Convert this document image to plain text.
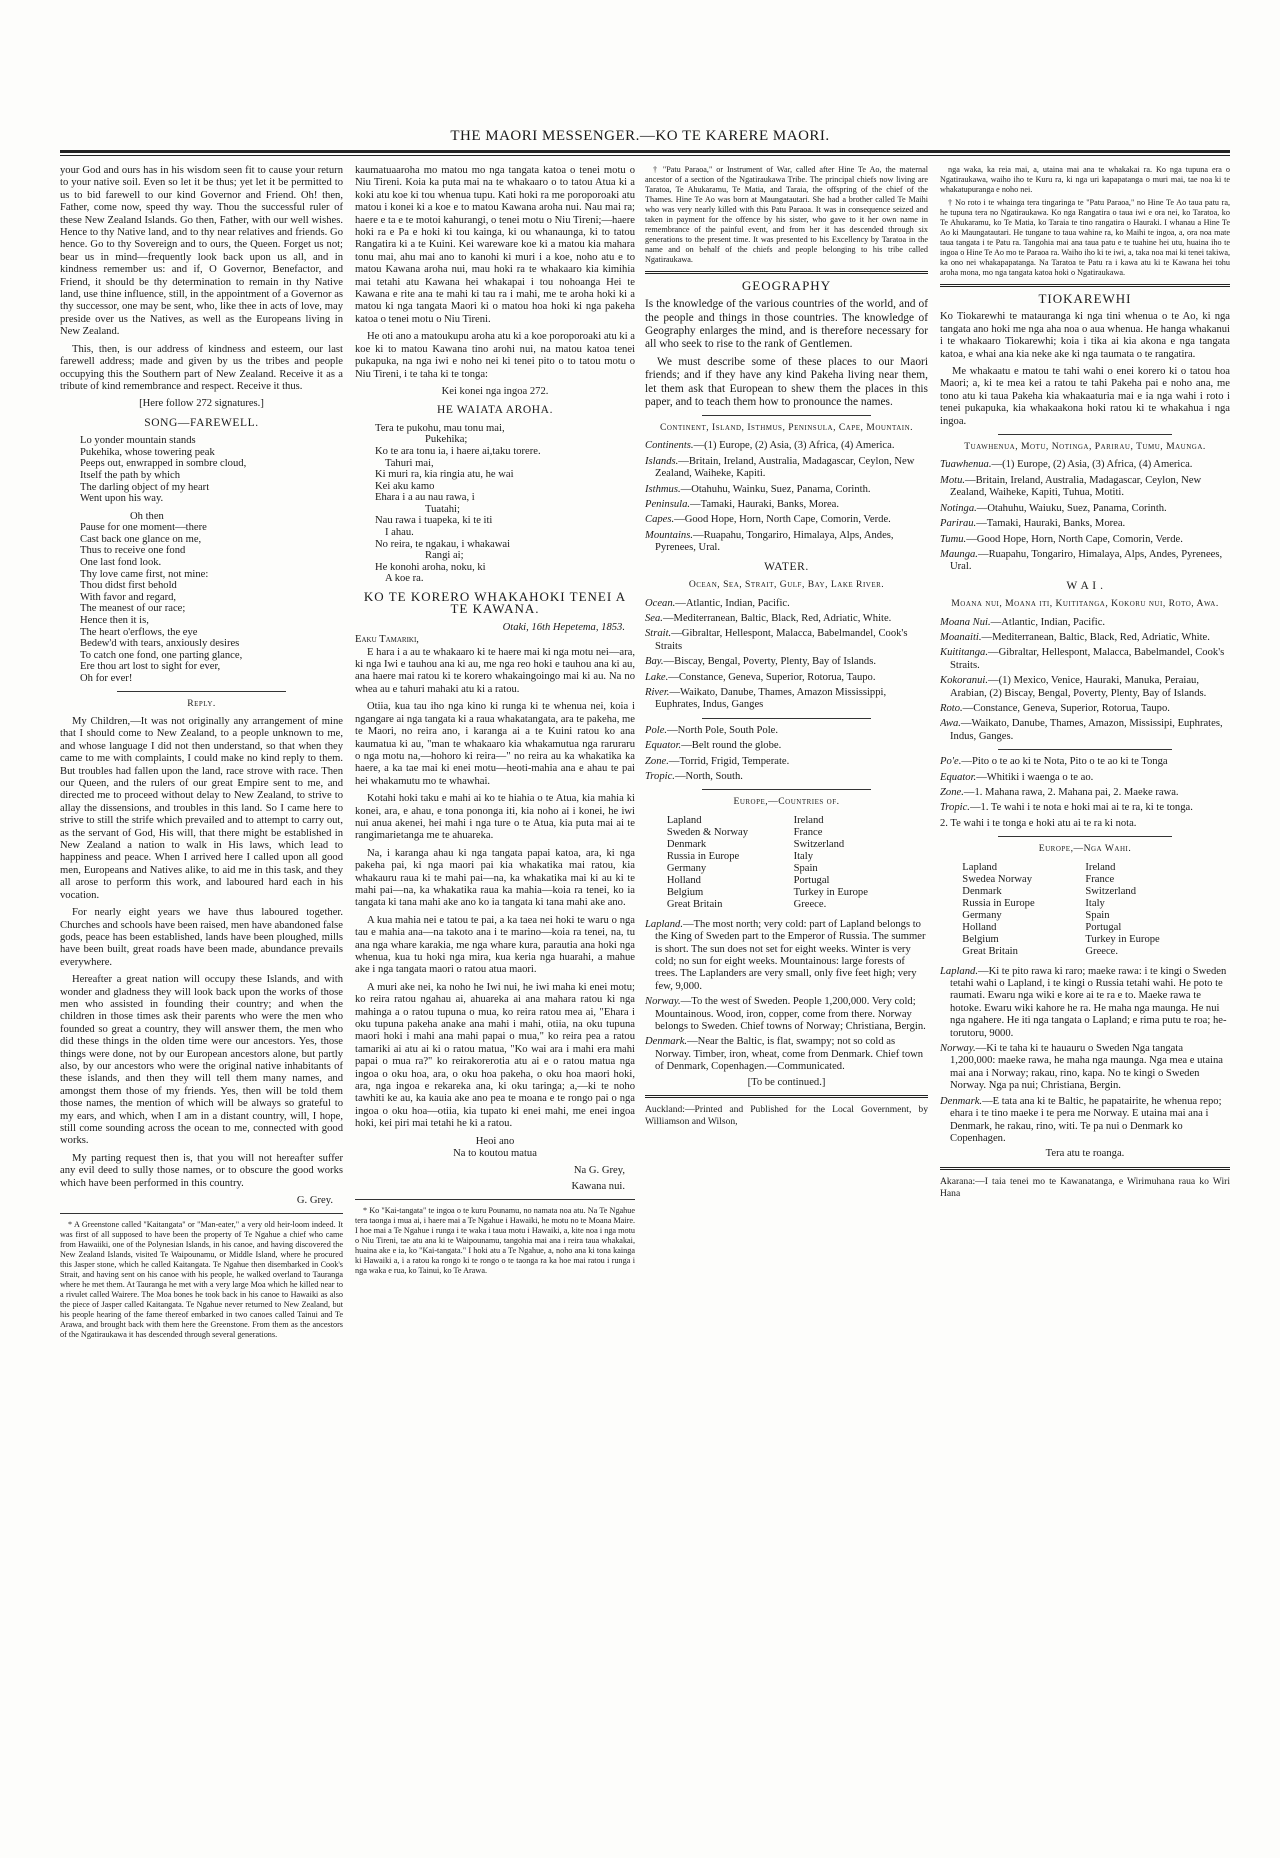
THE MAORI MESSENGER.—KO TE KARERE MAORI.

your God and ours has in his wisdom seen fit to cause your return to your native soil. Even so let it be thus; yet let it be permitted to us to bid farewell to our kind Governor and Friend. Oh! then, Father, come now, speed thy way. Thou the successful ruler of these New Zealand Islands. Go then, Father, with our well wishes. Hence to thy Native land, and to thy near relatives and friends. Go hence. Go to thy Sovereign and to ours, the Queen. Forget us not; bear us in mind—frequently look back upon us all, and in kindness remember us: and if, O Governor, Benefactor, and Friend, it should be thy determination to remain in thy Native land, use thine influence, still, in the appointment of a Governor as thy successor, one may be sent, who, like thee in acts of love, may preside over us the Natives, as well as the Europeans living in New Zealand.

This, then, is our address of kindness and esteem, our last farewell address; made and given by us the tribes and people occupying this the Southern part of New Zealand. Receive it as a tribute of kind remembrance and respect. Receive it thus.

[Here follow 272 signatures.]
SONG—FAREWELL.
Lo yonder mountain stands
Pukehika, whose towering peak
Peeps out, enwrapped in sombre cloud,
Itself the path by which
The darling object of my heart
Went upon his way.
Oh then
Pause for one moment—there
Cast back one glance on me,
Thus to receive one fond
One last fond look.
Thy love came first, not mine:
Thou didst first behold
With favor and regard,
The meanest of our race;
Hence then it is,
The heart o'erflows, the eye
Bedew'd with tears, anxiously desires
To catch one fond, one parting glance,
Ere thou art lost to sight for ever,
Oh for ever!
Reply.

My Children,—It was not originally any arrangement of mine that I should come to New Zealand, to a people unknown to me, and whose language I did not then understand, so that when they came to me with complaints, I could make no kind reply to them. But troubles had fallen upon the land, race strove with race. Then our Queen, and the rulers of our great Empire sent to me, and directed me to proceed without delay to New Zealand, to strive to allay the dissensions, and troubles in this land. So I came here to strive to still the strife which prevailed and to attempt to carry out, as the servant of God, His will, that there might be established in New Zealand a nation to walk in His laws, which lead to happiness and peace. When I arrived here I called upon all good men, Europeans and Natives alike, to aid me in this task, and they all arose to perform this work, and laboured hard each in his vocation.

For nearly eight years we have thus laboured together. Churches and schools have been raised, men have abandoned false gods, peace has been established, lands have been ploughed, mills have been built, great roads have been made, abundance prevails everywhere.

Hereafter a great nation will occupy these Islands, and with wonder and gladness they will look back upon the works of those men who assisted in founding their country; and when the children in those times ask their parents who were the men who founded so great a country, they will answer them, the men who did these things in the olden time were our ancestors. Yes, those things were done, not by our European ancestors alone, but partly also, by our ancestors who were the original native inhabitants of these islands, and then they will tell them many names, and amongst them those of my friends. Yes, then will be told them those names, the mention of which will be always so grateful to my ears, and which, when I am in a distant country, will, I hope, still come sounding across the ocean to me, connected with good works.

My parting request then is, that you will not hereafter suffer any evil deed to sully those names, or to obscure the good works which have been performed in this country.

G. Grey.

* A Greenstone called "Kaitangata" or "Man-eater," a very old heir-loom indeed. It was first of all supposed to have been the property of Te Ngahue a chief who came from Hawaiiki, one of the Polynesian Islands, in his canoe, and having discovered the New Zealand Islands, visited Te Waipounamu, or Middle Island, where he procured this Jasper stone, which he called Kaitangata. Te Ngahue then disembarked in Cook's Strait, and having sent on his canoe with his people, he walked overland to Tauranga where he met them. At Tauranga he met with a very large Moa which he killed near to a rivulet called Wairere. The Moa bones he took back in his canoe to Hawaiki as also the piece of Jasper called Kaitangata. Te Ngahue never returned to New Zealand, but his people hearing of the fame thereof embarked in two canoes called Tainui and Te Arawa, and brought back with them here the Greenstone. From them as the ancestors of the Ngatiraukawa it has descended through several generations.

kaumatuaaroha mo matou mo nga tangata katoa o tenei motu o Niu Tireni. Koia ka puta mai na te whakaaro o to tatou Atua ki a koki atu koe ki tou whenua tupu. Kati hoki ra me poroporoaki atu matou i konei ki a koe e to matou Kawana aroha nui. Nau mai ra; haere e ta e te motoi kahurangi, o tenei motu o Niu Tireni;—haere hoki ra e Pa e hoki ki tou kainga, ki ou whanaunga, ki to tatou Rangatira ki a te Kuini. Kei wareware koe ki a matou kia mahara tonu mai, ahu mai ano to kanohi ki muri i a koe, noho atu e to matou Kawana aroha nui, mau hoki ra te whakaaro kia kimihia mai tetahi atu Kawana hei whakapai i tou nohoanga Hei te Kawana e rite ana te mahi ki tau ra i mahi, me te aroha hoki ki a matou ki nga tangata Maori ki o matou hoa hoki ki nga pakeha katoa o tenei motu o Niu Tireni.

He oti ano a matoukupu aroha atu ki a koe poroporoaki atu ki a koe ki to matou Kawana tino arohi nui, na matou katoa tenei pukapuka, na nga iwi e noho nei ki tenei pito o to tatou motu o Niu Tireni, i te taha ki te tonga:

Kei konei nga ingoa 272.
HE WAIATA AROHA.
Tera te pukohu, mau tonu mai,
Pukehika;
Ko te ara tonu ia, i haere ai,taku torere.
Tahuri mai,
Ki muri ra, kia ringia atu, he wai
Kei aku kamo
Ehara i a au nau rawa, i
Tuatahi;
Nau rawa i tuapeka, ki te iti
I ahau.
No reira, te ngakau, i whakawai
Rangi ai;
He konohi aroha, noku, ki
A koe ra.
KO TE KORERO WHAKAHOKI TENEI A TE KAWANA.
Otaki, 16th Hepetema, 1853.
Eaku Tamariki,

E hara i a au te whakaaro ki te haere mai ki nga motu nei—ara, ki nga Iwi e tauhou ana ki au, me nga reo hoki e tauhou ana ki au, ana haere mai ratou ki te korero whakaingoingo mai ki au. Na no whea au e tahuri mahaki atu ki a ratou.

Otiia, kua tau iho nga kino ki runga ki te whenua nei, koia i ngangare ai nga tangata ki a raua whakatangata, ara te pakeha, me te Maori, no reira ano, i karanga ai a te Kuini ratou ko ana kaumatua ki au, "man te whakaaro kia whakamutua nga raruraru o nga motu na,—hohoro ki reira—" no reira au ka whakatika ka haere, a ka tae mai ki enei motu—heoti-mahia ana e ahau te pai hei whakamutu mo te whawhai.

Kotahi hoki taku e mahi ai ko te hiahia o te Atua, kia mahia ki konei, ara, e ahau, e tona pononga iti, kia noho ai i konei, he iwi nui anua akenei, hei mahi i nga ture o te Atua, kia puta mai ai te rangimarietanga me te ahuareka.

Na, i karanga ahau ki nga tangata papai katoa, ara, ki nga pakeha pai, ki nga maori pai kia whakatika mai ratou, kia whakauru raua ki te mahi pai—na, ka whakatika mai ki au ki te mahi pai—na, ka whakatika raua ka mahia—koia ra tenei, ko ia tangata ki tana mahi ake ano ko ia tangata ki tana mahi ake ano.

A kua mahia nei e tatou te pai, a ka taea nei hoki te waru o nga tau e mahia ana—na takoto ana i te marino—koia ra tenei, na, tu ana nga whare karakia, me nga whare kura, parautia ana hoki nga whenua, kua tu hoki nga mira, kua keria nga huarahi, a mahue ake i nga tangata maori o ratou atua maori.

A muri ake nei, ka noho he Iwi nui, he iwi maha ki enei motu; ko reira ratou ngahau ai, ahuareka ai ana mahara ratou ki nga mahinga a o ratou tupuna o mua, ko reira ratou mea ai, "Ehara i oku tupuna pakeha anake ana mahi i mahi, otiia, na oku tupuna maori hoki i mahi ana mahi papai o mua," ko reira pea a ratou tamariki ai atu ai ki o ratou matua, "Ko wai ara i mahi era mahi papai o mua ra?" ko reirakorerotia atu ai e o ratou matua nga ingoa o oku hoa, ara, o oku hoa pakeha, o oku hoa maori hoki, ara, nga ingoa e rekareka ana, ki oku taringa; a,—ki te noho tawhiti ke au, ka kauia ake ano pea te moana e te rongo pai o nga ingoa o oku hoa—otiia, kia tupato ki enei mahi, me enei ingoa hoki, kei piri mai tetahi he ki a ratou.

Heoi ano
Na to koutou matua
Na G. Grey,
Kawana nui.

* Ko "Kai-tangata" te ingoa o te kuru Pounamu, no namata noa atu. Na Te Ngahue tera taonga i mua ai, i haere mai a Te Ngahue i Hawaiki, he motu no te Moana Maire. I hoe mai a Te Ngahue i runga i te waka i taua motu i Hawaiki, a, kite noa i nga motu o Niu Tireni, tae atu ana ki te Waipounamu, tangohia mai ana i reira taua whakakai, huaina ake e ia, ko "Kai-tangata." I hoki atu a Te Ngahue, a, noho ana ki tona kainga ki Hawaiki a, i a ratou ka rongo ki te rongo o te taonga ra ka hoe mai ratou i runga i nga waka e rua, ko Tainui, ko Te Arawa.

† "Patu Paraoa," or Instrument of War, called after Hine Te Ao, the maternal ancestor of a section of the Ngatiraukawa Tribe. The principal chiefs now living are Taratoa, Te Ahukaramu, Te Matia, and Taraia, the offspring of the chief of the Thames. Hine Te Ao was born at Maungatautari. She had a brother called Te Maihi who was very nearly killed with this Patu Paraoa. It was in consequence seized and taken in payment for the offence by his sister, who gave to it her own name in remembrance of the painful event, and from her it has descended through six generations to the present time. It was presented to his Excellency by Taratoa in the name and on behalf of the chiefs and people belonging to his tribe called Ngatiraukawa.

GEOGRAPHY

Is the knowledge of the various countries of the world, and of the people and things in those countries. The knowledge of Geography enlarges the mind, and is therefore necessary for all who seek to rise to the rank of Gentlemen.

We must describe some of these places to our Maori friends; and if they have any kind Pakeha living near them, let them ask that European to shew them the places in this paper, and to teach them how to pronounce the names.

Continent, Island, Isthmus, Peninsula, Cape, Mountain.
Continents.—(1) Europe, (2) Asia, (3) Africa, (4) America.
Islands.—Britain, Ireland, Australia, Madagascar, Ceylon, New Zealand, Waiheke, Kapiti.
Isthmus.—Otahuhu, Wainku, Suez, Panama, Corinth.
Peninsula.—Tamaki, Hauraki, Banks, Morea.
Capes.—Good Hope, Horn, North Cape, Comorin, Verde.
Mountains.—Ruapahu, Tongariro, Himalaya, Alps, Andes, Pyrenees, Ural.
WATER.
Ocean, Sea, Strait, Gulf, Bay, Lake River.
Ocean.—Atlantic, Indian, Pacific.
Sea.—Mediterranean, Baltic, Black, Red, Adriatic, White.
Strait.—Gibraltar, Hellespont, Malacca, Babelmandel, Cook's Straits
Bay.—Biscay, Bengal, Poverty, Plenty, Bay of Islands.
Lake.—Constance, Geneva, Superior, Rotorua, Taupo.
River.—Waikato, Danube, Thames, Amazon Mississippi, Euphrates, Indus, Ganges
Pole.—North Pole, South Pole.
Equator.—Belt round the globe.
Zone.—Torrid, Frigid, Temperate.
Tropic.—North, South.
Europe,—Countries of.
Lapland	Ireland
Sweden & Norway	France
Denmark	Switzerland
Russia in Europe	Italy
Germany	Spain
Holland	Portugal
Belgium	Turkey in Europe
Great Britain	Greece.
Lapland.—The most north; very cold: part of Lapland belongs to the King of Sweden part to the Emperor of Russia. The summer is short. The sun does not set for eight weeks. Winter is very cold; no sun for eight weeks. Mountainous: large forests of trees. The Laplanders are very small, only five feet high; very few, 9,000.
Norway.—To the west of Sweden. People 1,200,000. Very cold; Mountainous. Wood, iron, copper, come from there. Norway belongs to Sweden. Chief towns of Norway; Christiana, Bergin.
Denmark.—Near the Baltic, is flat, swampy; not so cold as Norway. Timber, iron, wheat, come from Denmark. Chief town of Denmark, Copenhagen.—Communicated.
[To be continued.]
Auckland:—Printed and Published for the Local Government, by Williamson and Wilson,

nga waka, ka reia mai, a, utaina mai ana te whakakai ra. Ko nga tupuna era o Ngatiraukawa, waiho iho te Kuru ra, ki nga uri kapapatanga o muri mai, tae noa ki te whakatupuranga e noho nei.

† No roto i te whainga tera tingaringa te "Patu Paraoa," no Hine Te Ao taua patu ra, he tupuna tera no Ngatiraukawa. Ko nga Rangatira o taua iwi e ora nei, ko Taratoa, ko Te Ahukaramu, ko Te Matia, ko Taraia te tino rangatira o Hauraki. I whanau a Hine Te Ao ki Maungatautari. He tungane to taua wahine ra, ko Maihi te ingoa, a, ora noa mate taua tangata i te Patu ra. Tangohia mai ana taua patu e te tuahine hei utu, huaina iho te ingoa o Hine Te Ao mo te Paraoa ra. Waiho iho ki te iwi, a, taka noa mai ki tenei takiwa, ka ono nei whakapapatanga. Na Taratoa te Patu ra i kawa atu ki te Kawana hei tohu aroha mona, mo nga tangata katoa hoki o Ngatiraukawa.

TIOKAREWHI

Ko Tiokarewhi te matauranga ki nga tini whenua o te Ao, ki nga tangata ano hoki me nga aha noa o aua whenua. He hanga whakanui i te whakaaro Tiokarewhi; koia i tika ai kia akona e nga tangata katoa, e whai ana kia neke ake ki nga taumata o te rangatira.

Me whakaatu e matou te tahi wahi o enei korero ki o tatou hoa Maori; a, ki te mea kei a ratou te tahi Pakeha pai e noho ana, me tono atu ki taua Pakeha kia whakaaturia mai e ia nga wahi i roto i tenei pukapuka, kia whakaakona hoki ratou ki te whakahua i nga ingoa.

Tuawhenua, Motu, Notinga, Parirau, Tumu, Maunga.
Tuawhenua.—(1) Europe, (2) Asia, (3) Africa, (4) America.
Motu.—Britain, Ireland, Australia, Madagascar, Ceylon, New Zealand, Waiheke, Kapiti, Tuhua, Motiti.
Notinga.—Otahuhu, Waiuku, Suez, Panama, Corinth.
Parirau.—Tamaki, Hauraki, Banks, Morea.
Tumu.—Good Hope, Horn, North Cape, Comorin, Verde.
Maunga.—Ruapahu, Tongariro, Himalaya, Alps, Andes, Pyrenees, Ural.
W A I .
Moana nui, Moana iti, Kuititanga, Kokoru nui, Roto, Awa.
Moana Nui.—Atlantic, Indian, Pacific.
Moanaiti.—Mediterranean, Baltic, Black, Red, Adriatic, White.
Kuititanga.—Gibraltar, Hellespont, Malacca, Babelmandel, Cook's Straits.
Kokoranui.—(1) Mexico, Venice, Hauraki, Manuka, Peraiau, Arabian, (2) Biscay, Bengal, Poverty, Plenty, Bay of Islands.
Roto.—Constance, Geneva, Superior, Rotorua, Taupo.
Awa.—Waikato, Danube, Thames, Amazon, Mississipi, Euphrates, Indus, Ganges.
Po'e.—Pito o te ao ki te Nota, Pito o te ao ki te Tonga
Equator.—Whitiki i waenga o te ao.
Zone.—1. Mahana rawa, 2. Mahana pai, 2. Maeke rawa.
Tropic.—1. Te wahi i te nota e hoki mai ai te ra, ki te tonga.
2. Te wahi i te tonga e hoki atu ai te ra ki nota.
Europe,—Nga Wahi.
Lapland	Ireland
Swedea Norway	France
Denmark	Switzerland
Russia in Europe	Italy
Germany	Spain
Holland	Portugal
Belgium	Turkey in Europe
Great Britain	Greece.
Lapland.—Ki te pito rawa ki raro; maeke rawa: i te kingi o Sweden tetahi wahi o Lapland, i te kingi o Russia tetahi wahi. He poto te raumati. Ewaru nga wiki e kore ai te ra e to. Maeke rawa te hotoke. Ewaru wiki kahore he ra. He maha nga maunga. He nui nga ngahere. He iti nga tangata o Lapland; e rima putu te roa; he-torutoru, 9000.
Norway.—Ki te taha ki te hauauru o Sweden Nga tangata 1,200,000: maeke rawa, he maha nga maunga. Nga mea e utaina mai ana i Norway; rakau, rino, kapa. No te kingi o Sweden Norway. Nga pa nui; Christiana, Bergin.
Denmark.—E tata ana ki te Baltic, he papatairite, he whenua repo; ehara i te tino maeke i te pera me Norway. E utaina mai ana i Denmark, he rakau, rino, witi. Te pa nui o Denmark ko Copenhagen.
Tera atu te roanga.
Akarana:—I taia tenei mo te Kawanatanga, e Wirimuhana raua ko Wiri Hana
